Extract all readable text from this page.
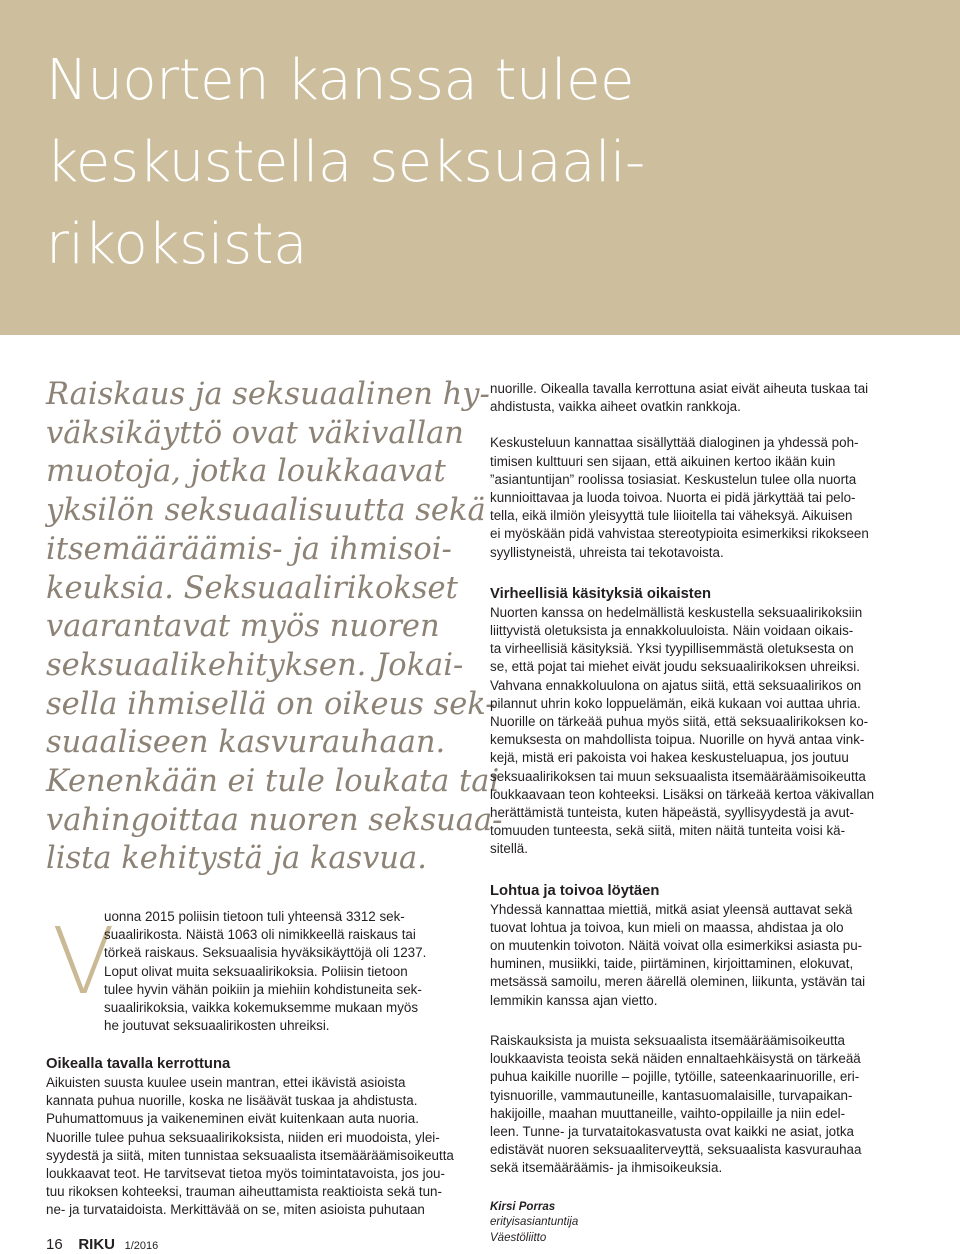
Nuorten kanssa tulee
keskustella seksuaali-
rikoksista

Raiskaus ja seksuaalinen hy-
väksikäyttö ovat väkivallan
muotoja, jotka loukkaavat
yksilön seksuaalisuutta sekä
itsemääräämis- ja ihmisoi-
keuksia. Seksuaalirikokset
vaarantavat myös nuoren
seksuaalikehityksen. Jokai-
sella ihmisellä on oikeus sek-
suaaliseen kasvurauhaan.
Kenenkään ei tule loukata tai
vahingoittaa nuoren seksuaa-
lista kehitystä ja kasvua.

V
uonna 2015 poliisin tietoon tuli yhteensä 3312 sek-
suaalirikosta. Näistä 1063 oli nimikkeellä raiskaus tai
törkeä raiskaus. Seksuaalisia hyväksikäyttöjä oli 1237.
Loput olivat muita seksuaalirikoksia. Poliisin tietoon
tulee hyvin vähän poikiin ja miehiin kohdistuneita sek-
suaalirikoksia, vaikka kokemuksemme mukaan myös
he joutuvat seksuaalirikosten uhreiksi.
Oikealla tavalla kerrottuna
Aikuisten suusta kuulee usein mantran, ettei ikävistä asioista
kannata puhua nuorille, koska ne lisäävät tuskaa ja ahdistusta.
Puhumattomuus ja vaikeneminen eivät kuitenkaan auta nuoria.
Nuorille tulee puhua seksuaalirikoksista, niiden eri muodoista, ylei-
syydestä ja siitä, miten tunnistaa seksuaalista itsemääräämisoikeutta
loukkaavat teot. He tarvitsevat tietoa myös toimintatavoista, jos jou-
tuu rikoksen kohteeksi, trauman aiheuttamista reaktioista sekä tun-
ne- ja turvataidoista. Merkittävää on se, miten asioista puhutaan
nuorille. Oikealla tavalla kerrottuna asiat eivät aiheuta tuskaa tai
ahdistusta, vaikka aiheet ovatkin rankkoja.
Keskusteluun kannattaa sisällyttää dialoginen ja yhdessä poh-
timisen kulttuuri sen sijaan, että aikuinen kertoo ikään kuin
”asiantuntijan” roolissa tosiasiat. Keskustelun tulee olla nuorta
kunnioittavaa ja luoda toivoa. Nuorta ei pidä järkyttää tai pelo-
tella, eikä ilmiön yleisyyttä tule liioitella tai väheksyä. Aikuisen
ei myöskään pidä vahvistaa stereotypioita esimerkiksi rikokseen
syyllistyneistä, uhreista tai tekotavoista.
Virheellisiä käsityksiä oikaisten
Nuorten kanssa on hedelmällistä keskustella seksuaalirikoksiin
liittyvistä oletuksista ja ennakkoluuloista. Näin voidaan oikais-
ta virheellisiä käsityksiä. Yksi tyypillisemmästä oletuksesta on
se, että pojat tai miehet eivät joudu seksuaalirikoksen uhreiksi.
Vahvana ennakkoluulona on ajatus siitä, että seksuaalirikos on
pilannut uhrin koko loppuelämän, eikä kukaan voi auttaa uhria.
Nuorille on tärkeää puhua myös siitä, että seksuaalirikoksen ko-
kemuksesta on mahdollista toipua. Nuorille on hyvä antaa vink-
kejä, mistä eri pakoista voi hakea keskusteluapua, jos joutuu
seksuaalirikoksen tai muun seksuaalista itsemääräämisoikeutta
loukkaavaan teon kohteeksi. Lisäksi on tärkeää kertoa väkivallan
herättämistä tunteista, kuten häpeästä, syyllisyydestä ja avut-
tomuuden tunteesta, sekä siitä, miten näitä tunteita voisi kä-
sitellä.
Lohtua ja toivoa löytäen
Yhdessä kannattaa miettiä, mitkä asiat yleensä auttavat sekä
tuovat lohtua ja toivoa, kun mieli on maassa, ahdistaa ja olo
on muutenkin toivoton. Näitä voivat olla esimerkiksi asiasta pu-
huminen, musiikki, taide, piirtäminen, kirjoittaminen, elokuvat,
metsässä samoilu, meren äärellä oleminen, liikunta, ystävän tai
lemmikin kanssa ajan vietto.
Raiskauksista ja muista seksuaalista itsemääräämisoikeutta
loukkaavista teoista sekä näiden ennaltaehkäisystä on tärkeää
puhua kaikille nuorille – pojille, tytöille, sateenkaarinuorille, eri-
tyisnuorille, vammautuneille, kantasuomalaisille, turvapaikan-
hakijoille, maahan muuttaneille, vaihto-oppilaille ja niin edel-
leen. Tunne- ja turvataitokasvatusta ovat kaikki ne asiat, jotka
edistävät nuoren seksuaaliterveyttä, seksuaalista kasvurauhaa
sekä itsemääräämis- ja ihmisoikeuksia.
Kirsi Porras
erityisasiantuntija
Väestöliitto
16 RIKU 1/2016
